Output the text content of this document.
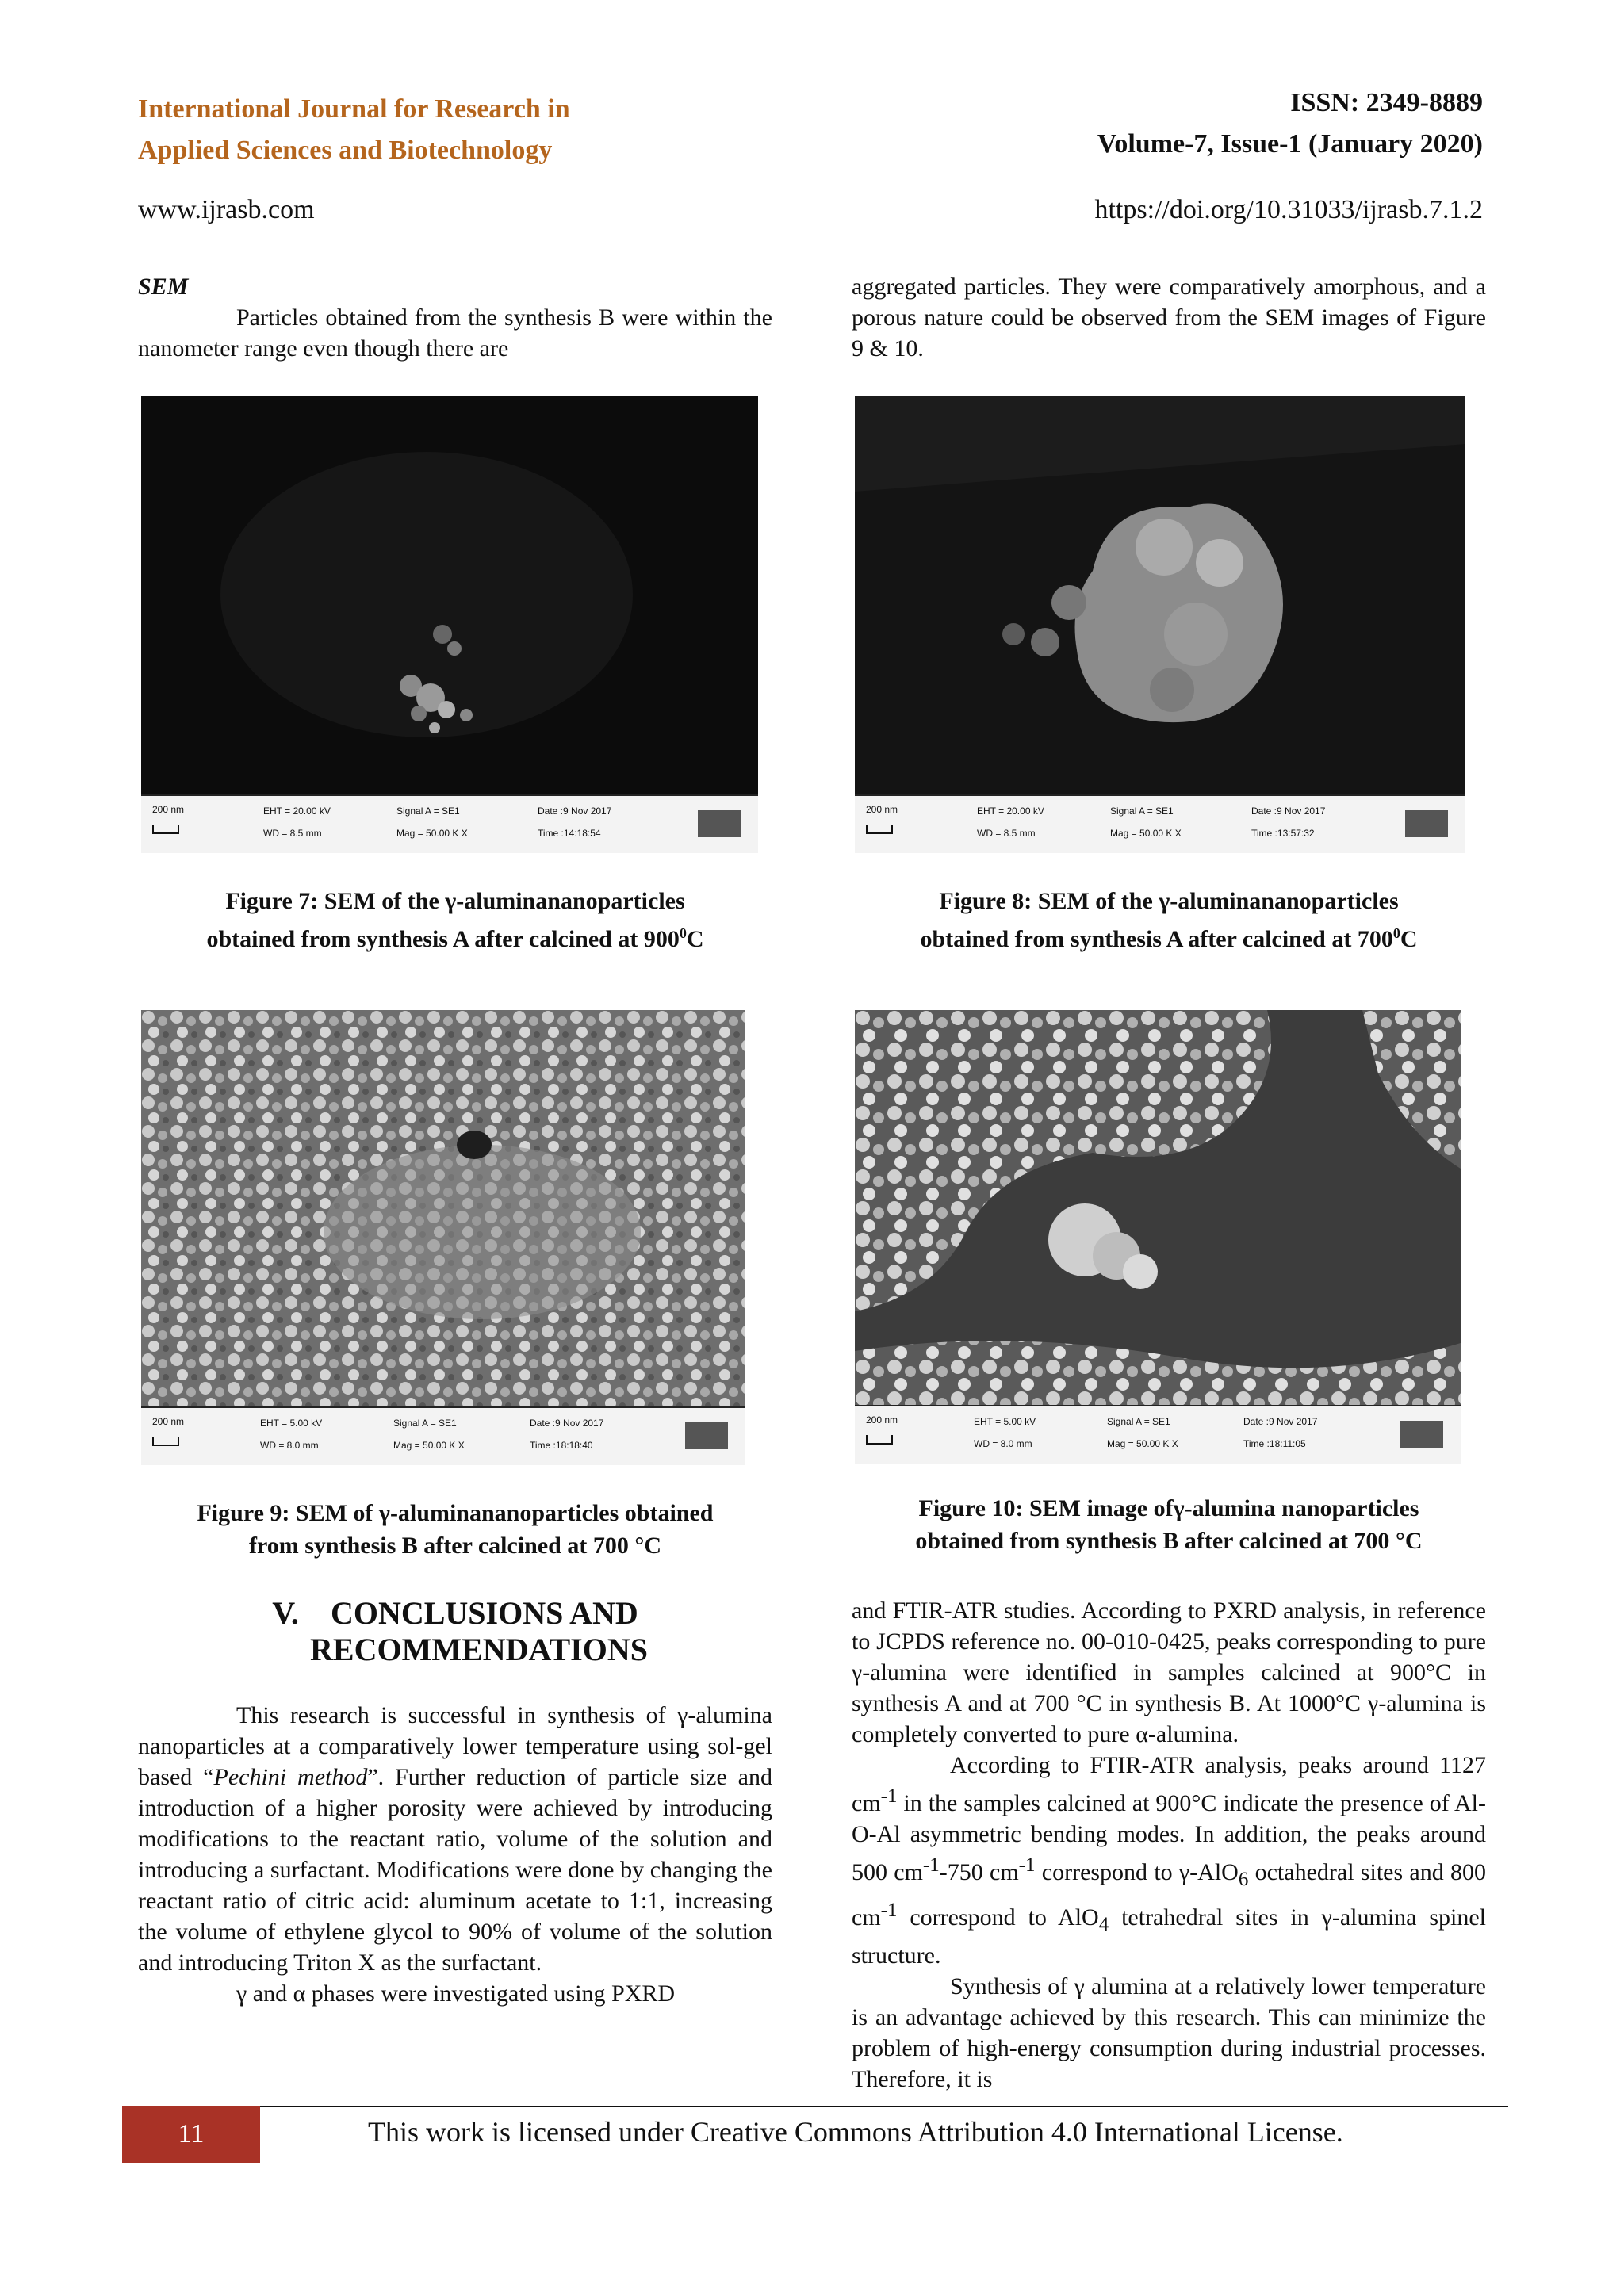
International Journal for Research in
Applied Sciences and Biotechnology
ISSN: 2349-8889
Volume-7, Issue-1 (January 2020)
www.ijrasb.com	https://doi.org/10.31033/ijrasb.7.1.2

SEM

Particles obtained from the synthesis B were within the nanometer range even though there are

aggregated particles. They were comparatively amorphous, and a porous nature could be observed from the SEM images of Figure 9 & 10.

200 nm	EHT = 20.00 kV
WD = 8.5 mm
Signal A = SE1
Mag = 50.00 K X
Date :9 Nov 2017
Time :14:18:54
200 nm	EHT = 20.00 kV
WD = 8.5 mm
Signal A = SE1
Mag = 50.00 K X
Date :9 Nov 2017
Time :13:57:32
Figure 7: SEM of the γ-aluminananoparticles
obtained from synthesis A after calcined at $900^0C$
Figure 8: SEM of the γ-aluminananoparticles
obtained from synthesis A after calcined at $700^0C$
200 nm	EHT = 5.00 kV
WD = 8.0 mm
Signal A = SE1
Mag = 50.00 K X
Date :9 Nov 2017
Time :18:18:40
200 nm	EHT = 5.00 kV
WD = 8.0 mm
Signal A = SE1
Mag = 50.00 K X
Date :9 Nov 2017
Time :18:11:05
Figure 9: SEM of γ-aluminananoparticles obtained
from synthesis B after calcined at 700 °C
Figure 10: SEM image ofγ-alumina nanoparticles
obtained from synthesis B after calcined at 700 °C
V. CONCLUSIONS AND
RECOMMENDATIONS

This research is successful in synthesis of γ-alumina nanoparticles at a comparatively lower temperature using sol-gel based “Pechini method”. Further reduction of particle size and introduction of a higher porosity were achieved by introducing modifications to the reactant ratio, volume of the solution and introducing a surfactant. Modifications were done by changing the reactant ratio of citric acid: aluminum acetate to 1:1, increasing the volume of ethylene glycol to 90% of volume of the solution and introducing Triton X as the surfactant.

γ and α phases were investigated using PXRD

and FTIR-ATR studies. According to PXRD analysis, in reference to JCPDS reference no. 00-010-0425, peaks corresponding to pure γ-alumina were identified in samples calcined at 900°C in synthesis A and at 700 °C in synthesis B. At 1000°C γ-alumina is completely converted to pure α-alumina.

According to FTIR-ATR analysis, peaks around 1127 $cm^{-1}$ in the samples calcined at 900°C indicate the presence of Al-O-Al asymmetric bending modes. In addition, the peaks around 500 $cm^{-1}-750$ $cm^{-1}$ correspond to γ-AlO$_6$ octahedral sites and 800 $cm^{-1}$ correspond to AlO$_4$ tetrahedral sites in γ-alumina spinel structure.

Synthesis of γ alumina at a relatively lower temperature is an advantage achieved by this research. This can minimize the problem of high-energy consumption during industrial processes. Therefore, it is

11	This work is licensed under Creative Commons Attribution 4.0 International License.
